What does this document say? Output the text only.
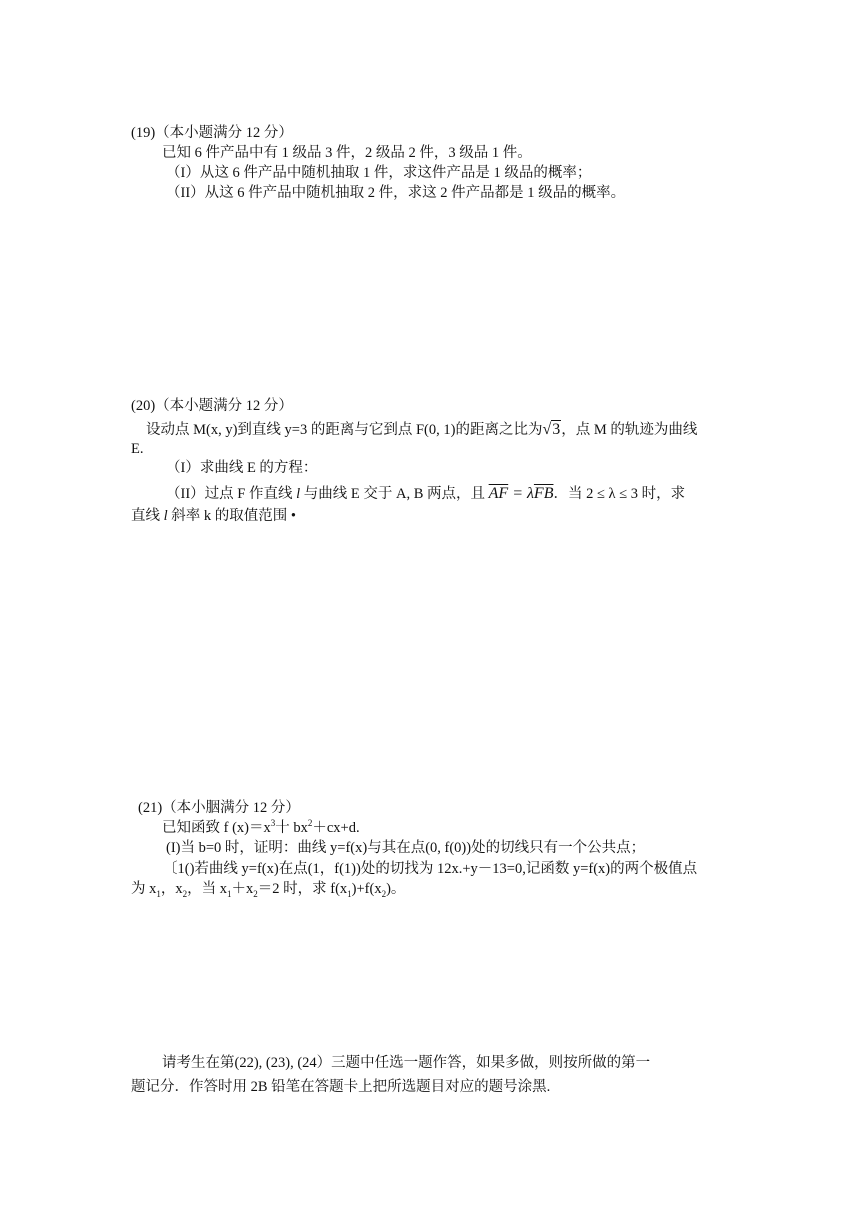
(19)（本小题满分 12 分）
已知 6 件产品中有 1 级品 3 件，2 级品 2 件，3 级品 1 件。
（I）从这 6 件产品中随机抽取 1 件，求这件产品是 1 级品的概率；
（II）从这 6 件产品中随机抽取 2 件，求这 2 件产品都是 1 级品的概率。
(20)（本小题满分 12 分）
设动点 M(x, y)到直线 y=3 的距离与它到点 F(0, 1)的距离之比为√3，点 M 的轨迹为曲线
E.
（I）求曲线 E 的方程：
（II）过点 F 作直线 l 与曲线 E 交于 A, B 两点，且 $\overline{AF} = \lambda\overline{FB}$．当 2 ≤ λ ≤ 3 时，求
直线 l 斜率 k 的取值范围 •
(21)（本小胭满分 12 分）
已知函致 f $(x)=x^3$十 $bx^2+cx+d$.
(I)当 b=0 时，证明：曲线 y=f(x)与其在点(0, f(0))处的切线只有一个公共点；
〔1()若曲线 y=f(x)在点(1，f(1))处的切找为 12x.+y－13=0,记函数 y=f(x)的两个极值点
为 $x_1$，$x_2$，当 $x_1+x_2=2$ 时，求 $f(x_1)+f(x_2)$。
请考生在第(22), (23), (24）三题中任选一题作答，如果多做，则按所做的第一
题记分．作答时用 2B 铅笔在答题卡上把所选题目对应的题号涂黑.
